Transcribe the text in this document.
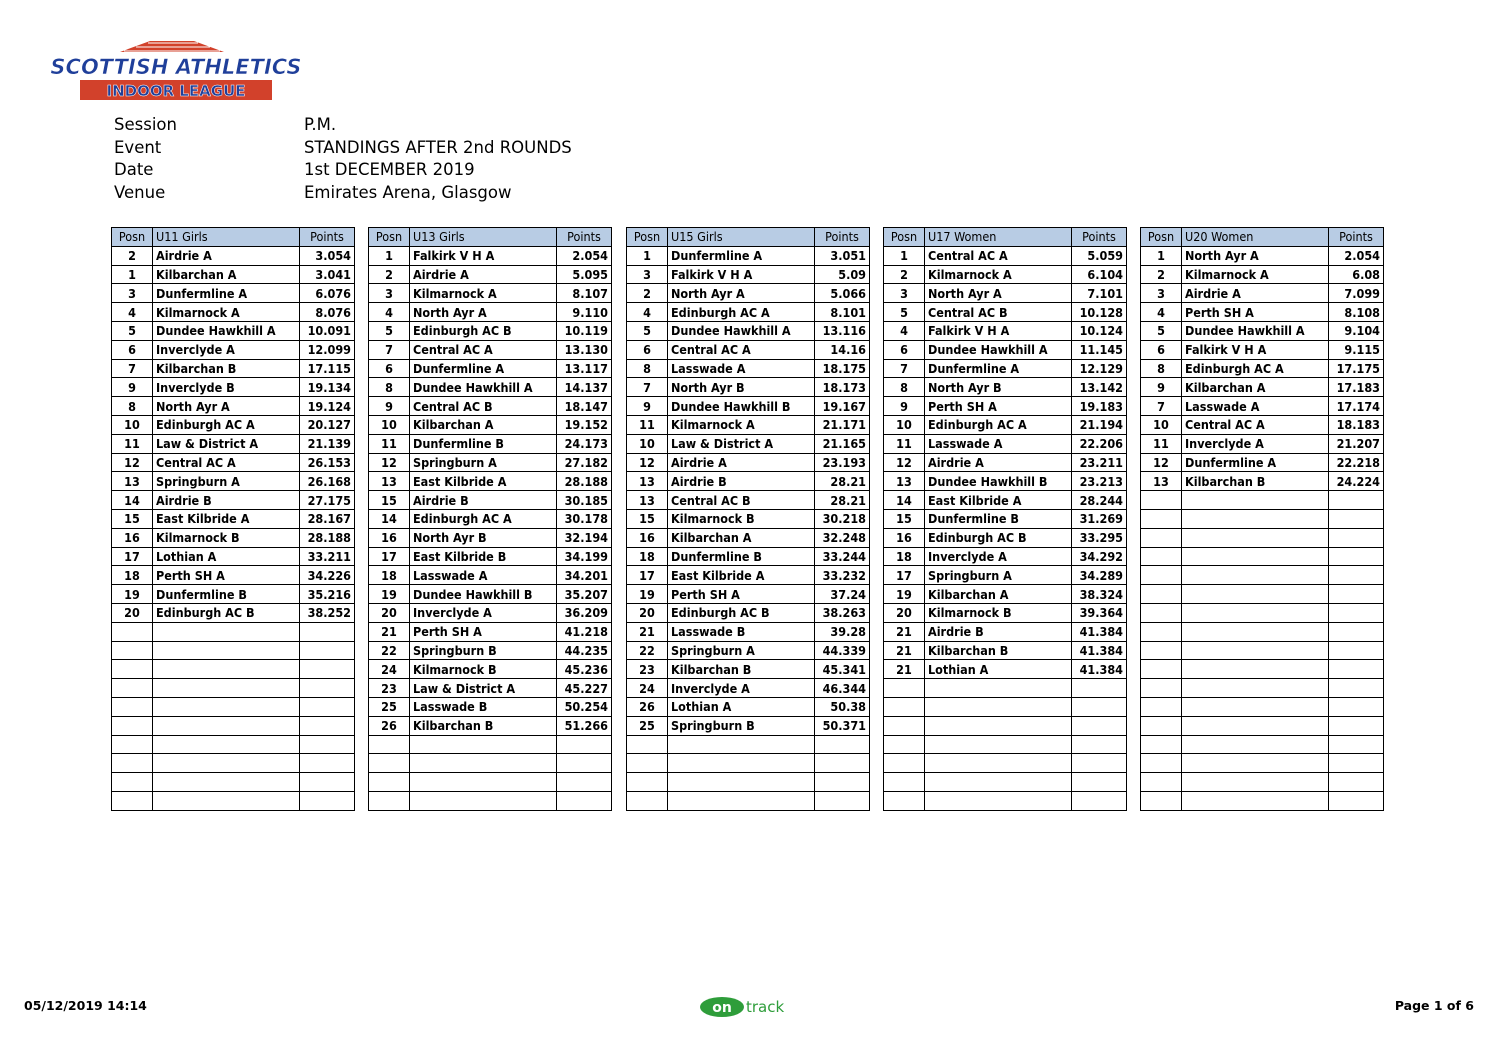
SCOTTISH ATHLETICS
INDOOR LEAGUE
Session	P.M.
Event	STANDINGS AFTER 2nd ROUNDS
Date	1st DECEMBER 2019
Venue	Emirates Arena, Glasgow
Posn	U11 Girls	Points
2	Airdrie A	3.054
1	Kilbarchan A	3.041
3	Dunfermline A	6.076
4	Kilmarnock A	8.076
5	Dundee Hawkhill A	10.091
6	Inverclyde A	12.099
7	Kilbarchan B	17.115
9	Inverclyde B	19.134
8	North Ayr A	19.124
10	Edinburgh AC A	20.127
11	Law & District A	21.139
12	Central AC A	26.153
13	Springburn A	26.168
14	Airdrie B	27.175
15	East Kilbride A	28.167
16	Kilmarnock B	28.188
17	Lothian A	33.211
18	Perth SH A	34.226
19	Dunfermline B	35.216
20	Edinburgh AC B	38.252

Posn	U13 Girls	Points
1	Falkirk V H A	2.054
2	Airdrie A	5.095
3	Kilmarnock A	8.107
4	North Ayr A	9.110
5	Edinburgh AC B	10.119
7	Central AC A	13.130
6	Dunfermline A	13.117
8	Dundee Hawkhill A	14.137
9	Central AC B	18.147
10	Kilbarchan A	19.152
11	Dunfermline B	24.173
12	Springburn A	27.182
13	East Kilbride A	28.188
15	Airdrie B	30.185
14	Edinburgh AC A	30.178
16	North Ayr B	32.194
17	East Kilbride B	34.199
18	Lasswade A	34.201
19	Dundee Hawkhill B	35.207
20	Inverclyde A	36.209
21	Perth SH A	41.218
22	Springburn B	44.235
24	Kilmarnock B	45.236
23	Law & District A	45.227
25	Lasswade B	50.254
26	Kilbarchan B	51.266

Posn	U15 Girls	Points
1	Dunfermline A	3.051
3	Falkirk V H A	5.09
2	North Ayr A	5.066
4	Edinburgh AC A	8.101
5	Dundee Hawkhill A	13.116
6	Central AC A	14.16
8	Lasswade A	18.175
7	North Ayr B	18.173
9	Dundee Hawkhill B	19.167
11	Kilmarnock A	21.171
10	Law & District A	21.165
12	Airdrie A	23.193
13	Airdrie B	28.21
13	Central AC B	28.21
15	Kilmarnock B	30.218
16	Kilbarchan A	32.248
18	Dunfermline B	33.244
17	East Kilbride A	33.232
19	Perth SH A	37.24
20	Edinburgh AC B	38.263
21	Lasswade B	39.28
22	Springburn A	44.339
23	Kilbarchan B	45.341
24	Inverclyde A	46.344
26	Lothian A	50.38
25	Springburn B	50.371

Posn	U17 Women	Points
1	Central AC A	5.059
2	Kilmarnock A	6.104
3	North Ayr A	7.101
5	Central AC B	10.128
4	Falkirk V H A	10.124
6	Dundee Hawkhill A	11.145
7	Dunfermline A	12.129
8	North Ayr B	13.142
9	Perth SH A	19.183
10	Edinburgh AC A	21.194
11	Lasswade A	22.206
12	Airdrie A	23.211
13	Dundee Hawkhill B	23.213
14	East Kilbride A	28.244
15	Dunfermline B	31.269
16	Edinburgh AC B	33.295
18	Inverclyde A	34.292
17	Springburn A	34.289
19	Kilbarchan A	38.324
20	Kilmarnock B	39.364
21	Airdrie B	41.384
21	Kilbarchan B	41.384
21	Lothian A	41.384

Posn	U20 Women	Points
1	North Ayr A	2.054
2	Kilmarnock A	6.08
3	Airdrie A	7.099
4	Perth SH A	8.108
5	Dundee Hawkhill A	9.104
6	Falkirk V H A	9.115
8	Edinburgh AC A	17.175
9	Kilbarchan A	17.183
7	Lasswade A	17.174
10	Central AC A	18.183
11	Inverclyde A	21.207
12	Dunfermline A	22.218
13	Kilbarchan B	24.224

05/12/2019 14:14	on track	Page 1 of 6
